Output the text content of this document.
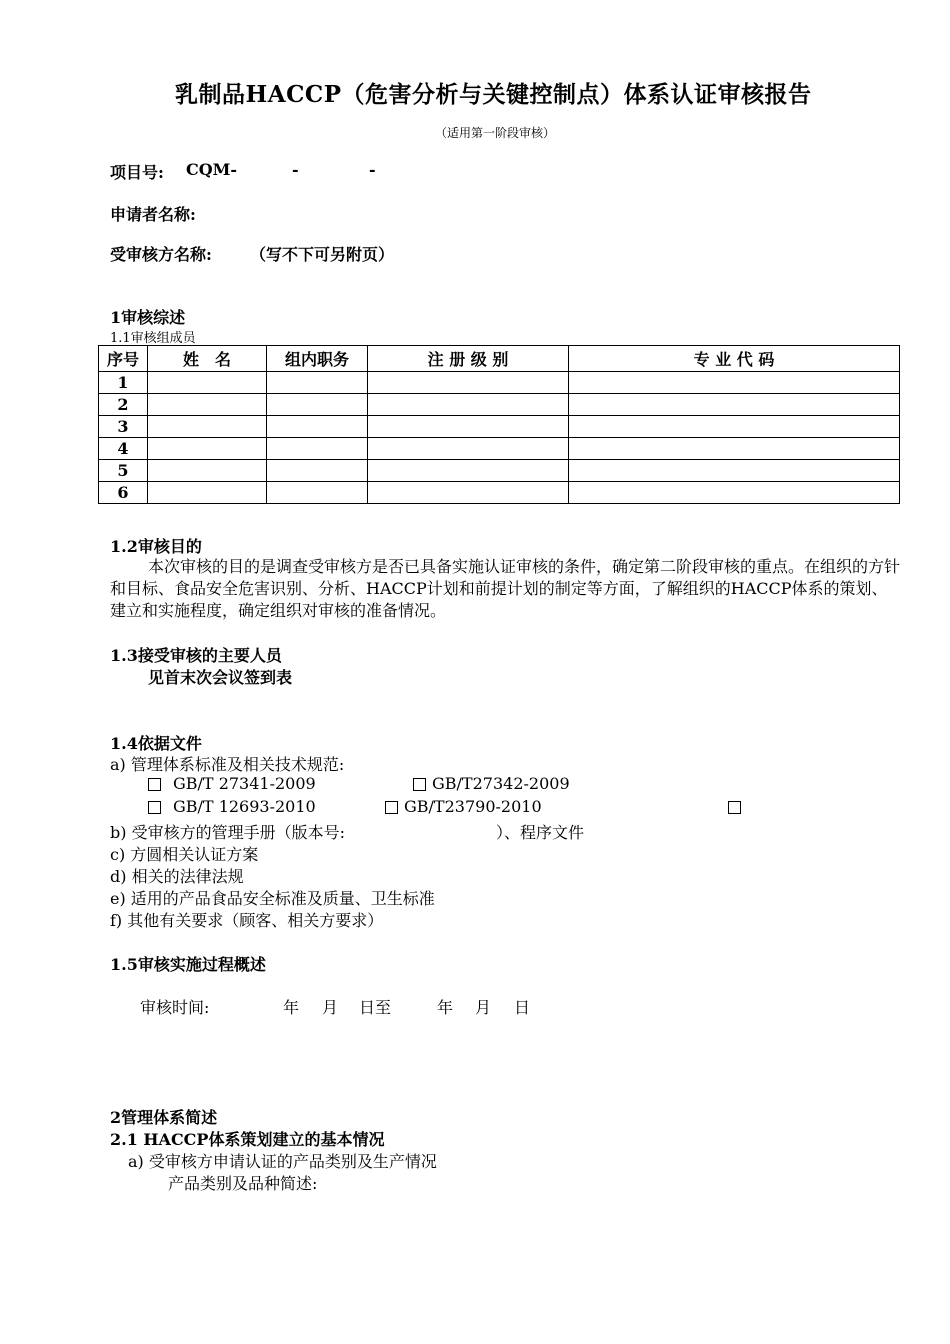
乳制品HACCP（危害分析与关键控制点）体系认证审核报告
（适用第一阶段审核）
项目号: CQM-	-	-
申请者名称:
受审核方名称: （写不下可另附页）
1审核综述
1.1审核组成员
序号	姓　名	组内职务	注 册 级 别	专 业 代 码
1				
2				
3				
4				
5				
6				
1.2审核目的

本次审核的目的是调查受审核方是否已具备实施认证审核的条件，确定第二阶段审核的重点。在组织的方针和目标、食品安全危害识别、分析、HACCP计划和前提计划的制定等方面，了解组织的HACCP体系的策划、建立和实施程度，确定组织对审核的准备情况。

1.3接受审核的主要人员
见首末次会议签到表
1.4依据文件
a) 管理体系标准及相关技术规范:
GB/T 27341-2009	GB/T27342-2009
GB/T 12693-2010	GB/T23790-2010
b) 受审核方的管理手册（版本号:	）、程序文件
c) 方圆相关认证方案
d) 相关的法律法规
e) 适用的产品食品安全标准及质量、卫生标准
f) 其他有关要求（顾客、相关方要求）
1.5审核实施过程概述
审核时间:	年 月 日至	年 月 日
2管理体系简述
2.1 HACCP体系策划建立的基本情况
a) 受审核方申请认证的产品类别及生产情况
产品类别及品种简述:
